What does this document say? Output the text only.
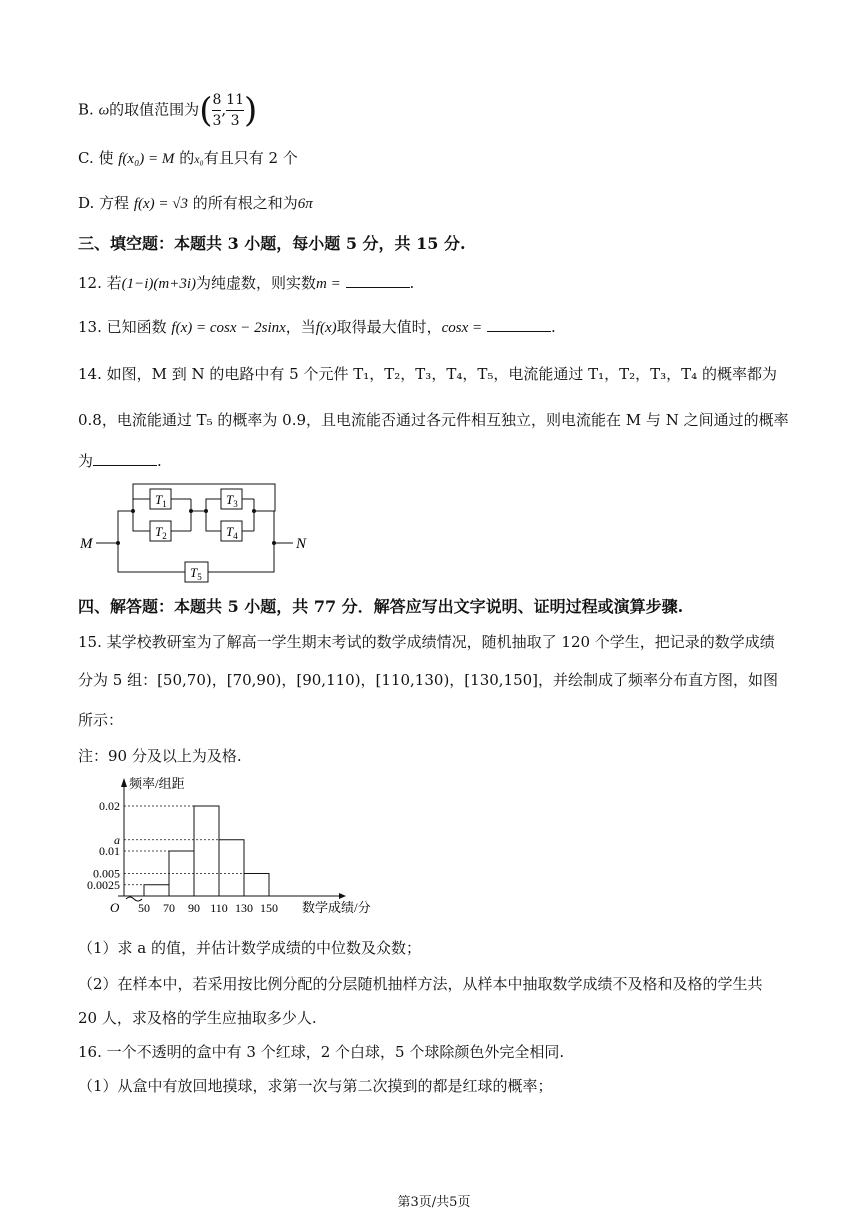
B. ω的取值范围为( $\frac{8}{3}$ , $\frac{11}{3}$ )
C. 使 f(x₀) = M 的x₀有且只有 2 个
D. 方程 f(x) = √3 的所有根之和为6π
三、填空题：本题共 3 小题，每小题 5 分，共 15 分.
12. 若(1−i)(m+3i)为纯虚数，则实数m =	.
13. 已知函数 f(x) = cosx − 2sinx，当f(x)取得最大值时，cosx =	.
14. 如图，M 到 N 的电路中有 5 个元件 T₁，T₂，T₃，T₄，T₅，电流能通过 T₁，T₂，T₃，T₄ 的概率都为
0.8，电流能通过 T₅ 的概率为 0.9，且电流能否通过各元件相互独立，则电流能在 M 与 N 之间通过的概率
为	.
M	N
$T_1$
$T_2$
$T_3$
$T_4$
$T_5$
四、解答题：本题共 5 小题，共 77 分．解答应写出文字说明、证明过程或演算步骤.
15. 某学校教研室为了解高一学生期末考试的数学成绩情况，随机抽取了 120 个学生，把记录的数学成绩
分为 5 组：[50,70)，[70,90)，[90,110)，[110,130)，[130,150]，并绘制成了频率分布直方图，如图
所示：
注：90 分及以上为及格.
频率/组距
0.0025
0.005
0.01
a
0.02
50 70 90 110 130 150 数学成绩/分
O
（1）求 a 的值，并估计数学成绩的中位数及众数；
（2）在样本中，若采用按比例分配的分层随机抽样方法，从样本中抽取数学成绩不及格和及格的学生共
20 人，求及格的学生应抽取多少人.
16. 一个不透明的盒中有 3 个红球，2 个白球，5 个球除颜色外完全相同.
（1）从盒中有放回地摸球，求第一次与第二次摸到的都是红球的概率；
第3页/共5页
